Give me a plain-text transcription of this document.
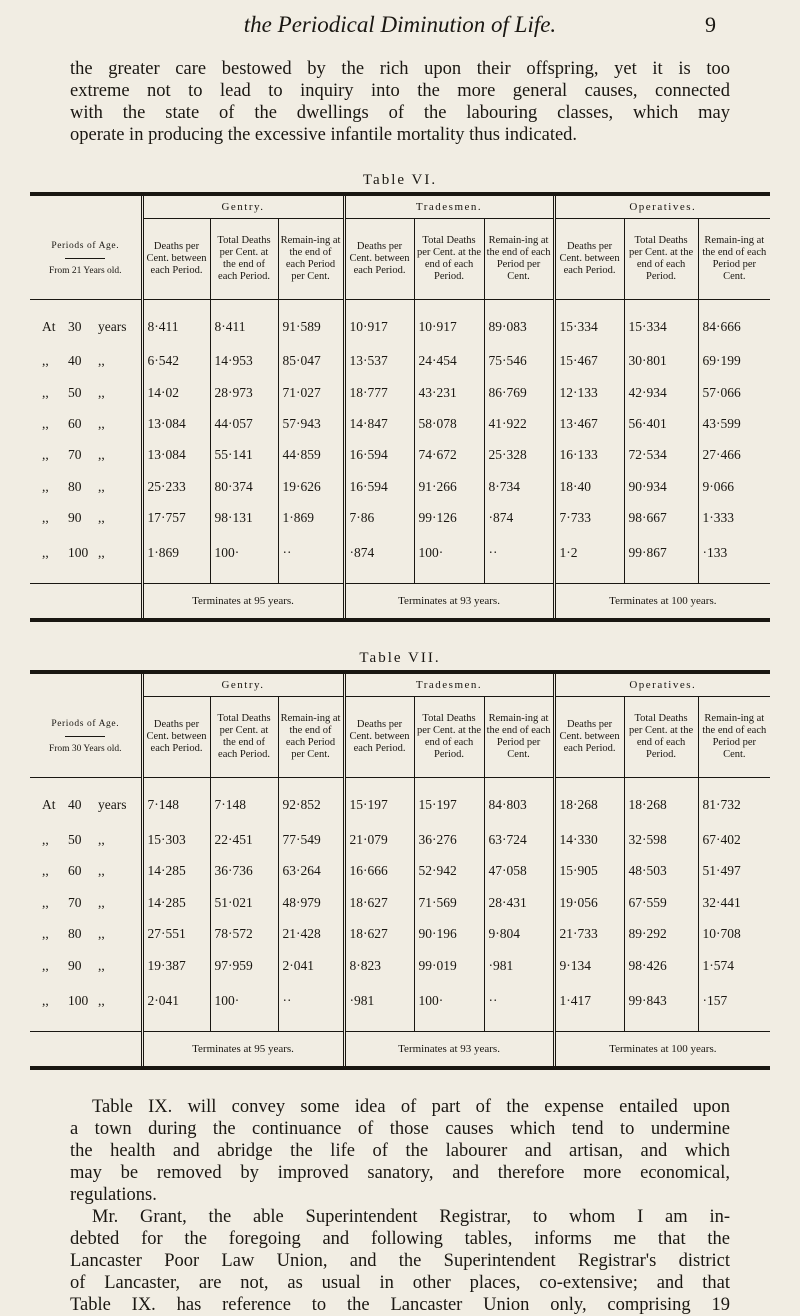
the Periodical Diminution of Life.	9
the greater care bestowed by the rich upon their offspring, yet it is too
extreme not to lead to inquiry into the more general causes, connected
with the state of the dwellings of the labouring classes, which may
operate in producing the excessive infantile mortality thus indicated.
Table VI.
	Gentry.			Tradesmen.			Operatives.		

Periods of Age.
From 21 Years old.	Deaths per Cent. between each Period.	Total Deaths per Cent. at the end of each Period.	Remain-ing at the end of each Period per Cent.	Deaths per Cent. between each Period.	Total Deaths per Cent. at the end of each Period.	Remain-ing at the end of each Period per Cent.	Deaths per Cent. between each Period.	Total Deaths per Cent. at the end of each Period.	Remain-ing at the end of each Period per Cent.
At 30 years	8·411	8·411	91·589	10·917	10·917	89·083	15·334	15·334	84·666
,, 40 ,,	6·542	14·953	85·047	13·537	24·454	75·546	15·467	30·801	69·199
,, 50 ,,	14·02	28·973	71·027	18·777	43·231	86·769	12·133	42·934	57·066
,, 60 ,,	13·084	44·057	57·943	14·847	58·078	41·922	13·467	56·401	43·599
,, 70 ,,	13·084	55·141	44·859	16·594	74·672	25·328	16·133	72·534	27·466
,, 80 ,,	25·233	80·374	19·626	16·594	91·266	8·734	18·40	90·934	9·066
,, 90 ,,	17·757	98·131	1·869	7·86	99·126	·874	7·733	98·667	1·333
,, 100 ,,	1·869	100·	··	·874	100·	··	1·2	99·867	·133
	Terminates at 95 years.			Terminates at 93 years.			Terminates at 100 years.		
Table VII.
	Gentry.			Tradesmen.			Operatives.		

Periods of Age.
From 30 Years old.	Deaths per Cent. between each Period.	Total Deaths per Cent. at the end of each Period.	Remain-ing at the end of each Period per Cent.	Deaths per Cent. between each Period.	Total Deaths per Cent. at the end of each Period.	Remain-ing at the end of each Period per Cent.	Deaths per Cent. between each Period.	Total Deaths per Cent. at the end of each Period.	Remain-ing at the end of each Period per Cent.
At 40 years	7·148	7·148	92·852	15·197	15·197	84·803	18·268	18·268	81·732
,, 50 ,,	15·303	22·451	77·549	21·079	36·276	63·724	14·330	32·598	67·402
,, 60 ,,	14·285	36·736	63·264	16·666	52·942	47·058	15·905	48·503	51·497
,, 70 ,,	14·285	51·021	48·979	18·627	71·569	28·431	19·056	67·559	32·441
,, 80 ,,	27·551	78·572	21·428	18·627	90·196	9·804	21·733	89·292	10·708
,, 90 ,,	19·387	97·959	2·041	8·823	99·019	·981	9·134	98·426	1·574
,, 100 ,,	2·041	100·	··	·981	100·	··	1·417	99·843	·157
	Terminates at 95 years.			Terminates at 93 years.			Terminates at 100 years.		
Table IX. will convey some idea of part of the expense entailed upon
a town during the continuance of those causes which tend to undermine
the health and abridge the life of the labourer and artisan, and which
may be removed by improved sanatory, and therefore more economical,
regulations.
Mr. Grant, the able Superintendent Registrar, to whom I am in-
debted for the foregoing and following tables, informs me that the
Lancaster Poor Law Union, and the Superintendent Registrar's district
of Lancaster, are not, as usual in other places, co-extensive; and that
Table IX. has reference to the Lancaster Union only, comprising 19
